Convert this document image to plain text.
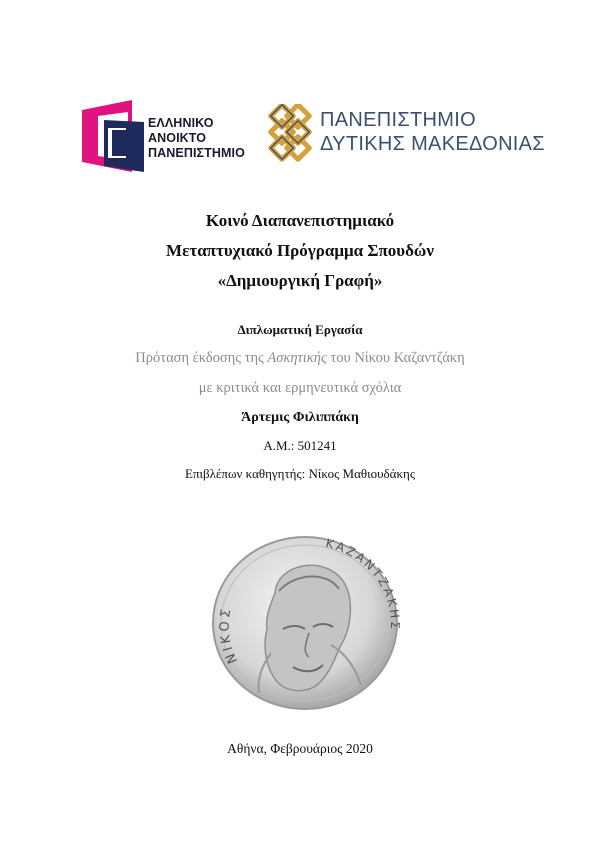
ΕΛΛΗΝΙΚΟ
ΑΝΟΙΚΤΟ
ΠΑΝΕΠΙΣΤΗΜΙΟ
ΠΑΝΕΠΙΣΤΗΜΙΟ
ΔΥΤΙΚΗΣ ΜΑΚΕΔΟΝΙΑΣ
Κοινό Διαπανεπιστημιακό
Μεταπτυχιακό Πρόγραμμα Σπουδών
«Δημιουργική Γραφή»
Διπλωματική Εργασία
Πρόταση έκδοσης της Ασκητικής του Νίκου Καζαντζάκη
με κριτικά και ερμηνευτικά σχόλια
Άρτεμις Φιλιππάκη
Α.Μ.: 501241
Επιβλέπων καθηγητής: Νίκος Μαθιουδάκης
ΝΙΚΟΣ
ΚΑΖΑΝΤΖΑΚΗΣ
Αθήνα, Φεβρουάριος 2020
